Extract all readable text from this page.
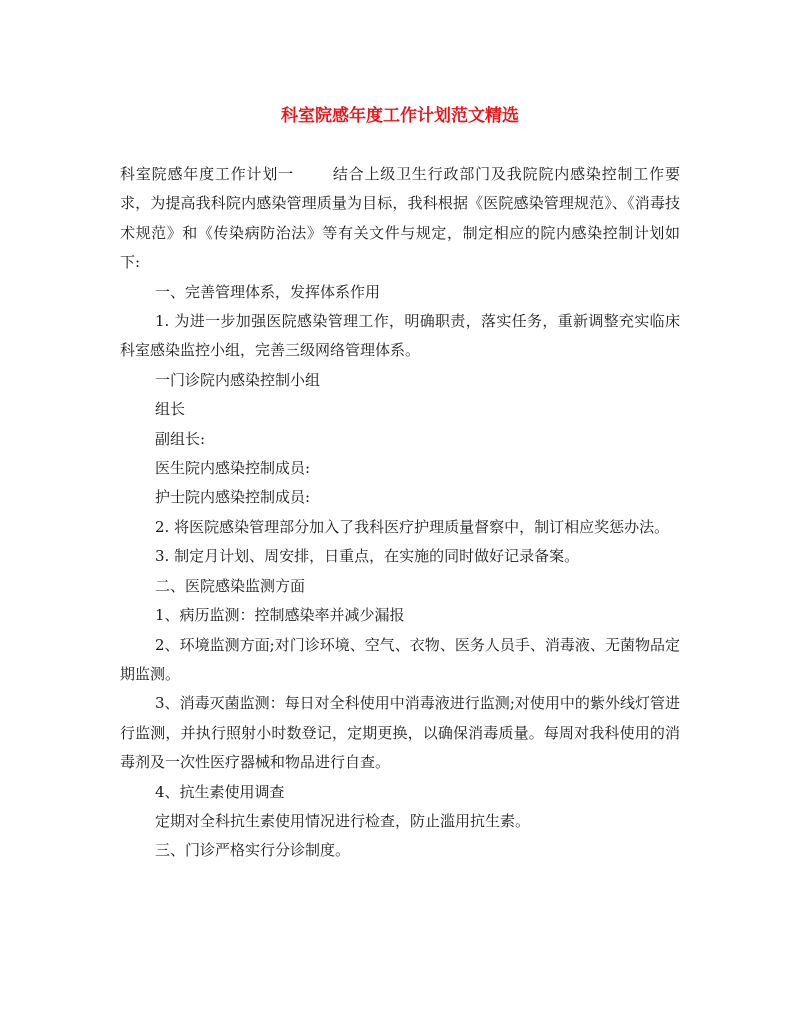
科室院感年度工作计划范文精选

科室院感年度工作计划一	结合上级卫生行政部门及我院院内感染控制工作要求，为提高我科院内感染管理质量为目标，我科根据《医院感染管理规范》、《消毒技术规范》和《传染病防治法》等有关文件与规定，制定相应的院内感染控制计划如下:

一、完善管理体系，发挥体系作用

1. 为进一步加强医院感染管理工作，明确职责，落实任务，重新调整充实临床科室感染监控小组，完善三级网络管理体系。

一门诊院内感染控制小组

组长

副组长:

医生院内感染控制成员:

护士院内感染控制成员:

2. 将医院感染管理部分加入了我科医疗护理质量督察中，制订相应奖惩办法。

3. 制定月计划、周安排，日重点，在实施的同时做好记录备案。

二、医院感染监测方面

1、病历监测：控制感染率并减少漏报

2、环境监测方面;对门诊环境、空气、衣物、医务人员手、消毒液、无菌物品定期监测。

3、消毒灭菌监测：每日对全科使用中消毒液进行监测;对使用中的紫外线灯管进行监测，并执行照射小时数登记，定期更换，以确保消毒质量。每周对我科使用的消毒剂及一次性医疗器械和物品进行自查。

4、抗生素使用调查

定期对全科抗生素使用情况进行检查，防止滥用抗生素。

三、门诊严格实行分诊制度。
